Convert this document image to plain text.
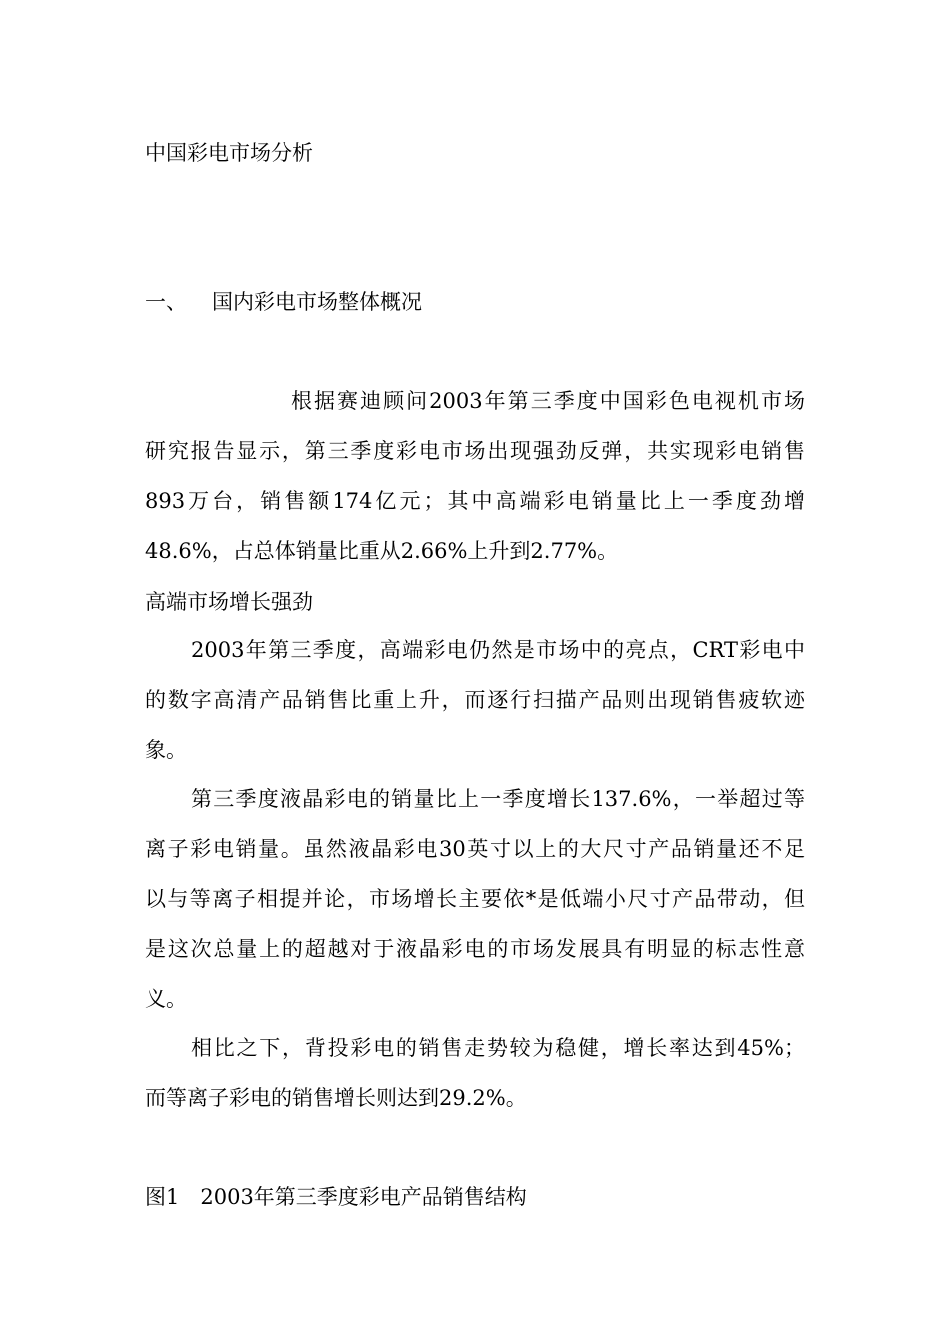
中国彩电市场分析
一、 国内彩电市场整体概况
根据赛迪顾问2003年第三季度中国彩色电视机市场
研究报告显示，第三季度彩电市场出现强劲反弹，共实现彩电销售
893万台，销售额174亿元；其中高端彩电销量比上一季度劲增
48.6%，占总体销量比重从2.66%上升到2.77%。
高端市场增长强劲
2003年第三季度，高端彩电仍然是市场中的亮点，CRT彩电中
的数字高清产品销售比重上升，而逐行扫描产品则出现销售疲软迹
象。
第三季度液晶彩电的销量比上一季度增长137.6%，一举超过等
离子彩电销量。虽然液晶彩电30英寸以上的大尺寸产品销量还不足
以与等离子相提并论，市场增长主要依*是低端小尺寸产品带动，但
是这次总量上的超越对于液晶彩电的市场发展具有明显的标志性意
义。
相比之下，背投彩电的销售走势较为稳健，增长率达到45%；
而等离子彩电的销售增长则达到29.2%。
图1　2003年第三季度彩电产品销售结构
